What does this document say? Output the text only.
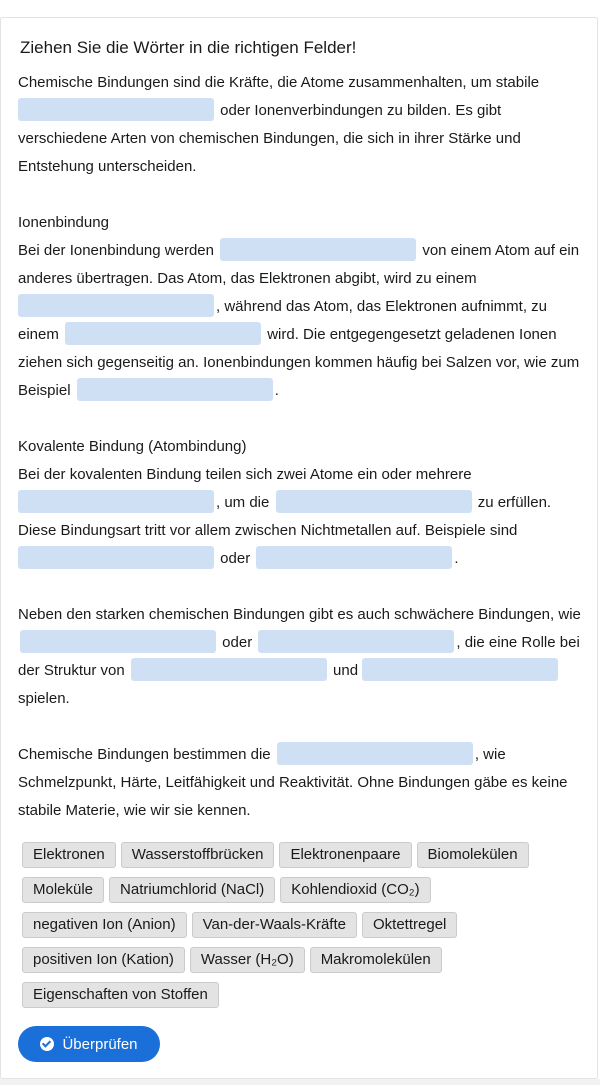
Ziehen Sie die Wörter in die richtigen Felder!

Chemische Bindungen sind die Kräfte, die Atome zusammenhalten, um stabile  oder Ionenverbindungen zu bilden. Es gibt verschiedene Arten von chemischen Bindungen, die sich in ihrer Stärke und Entstehung unterscheiden.

Ionenbindung
Bei der Ionenbindung werden	von einem Atom auf ein anderes übertragen. Das Atom, das Elektronen abgibt, wird zu einem , während das Atom, das Elektronen aufnimmt, zu einem	wird. Die entgegengesetzt geladenen Ionen ziehen sich gegenseitig an. Ionenbindungen kommen häufig bei Salzen vor, wie zum Beispiel	.

Kovalente Bindung (Atombindung)
Bei der kovalenten Bindung teilen sich zwei Atome ein oder mehrere , um die	zu erfüllen. Diese Bindungsart tritt vor allem zwischen Nichtmetallen auf. Beispiele sind  oder	.

Neben den starken chemischen Bindungen gibt es auch schwächere Bindungen, wie  oder	, die eine Rolle bei der Struktur von	und  spielen.

Chemische Bindungen bestimmen die	, wie Schmelzpunkt, Härte, Leitfähigkeit und Reaktivität. Ohne Bindungen gäbe es keine stabile Materie, wie wir sie kennen.

Elektronen Wasserstoffbrücken Elektronenpaare Biomolekülen
Moleküle Natriumchlorid (NaCl) Kohlendioxid (CO₂)
negativen Ion (Anion) Van-der-Waals-Kräfte Oktettregel
positiven Ion (Kation) Wasser (H₂O) Makromolekülen
Eigenschaften von Stoffen
Überprüfen
